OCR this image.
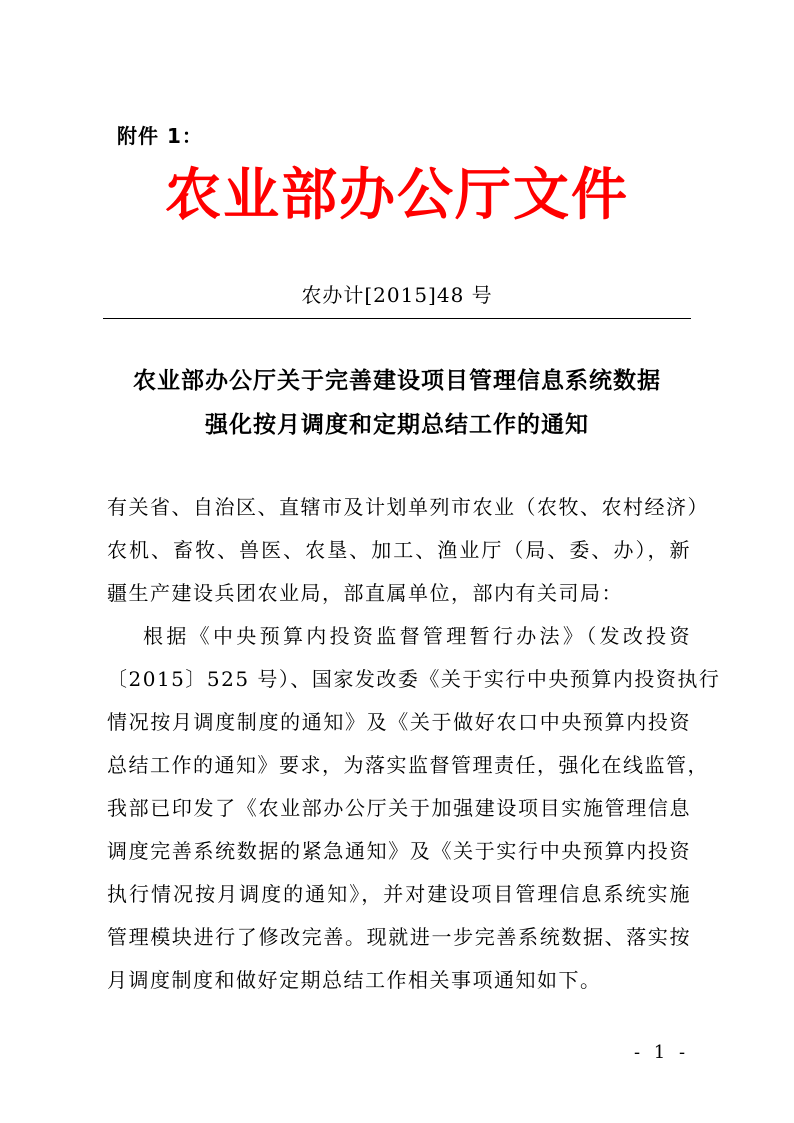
附件 1：
农业部办公厅文件
农办计[2015]48 号
农业部办公厅关于完善建设项目管理信息系统数据
强化按月调度和定期总结工作的通知
有关省、自治区、直辖市及计划单列市农业（农牧、农村经济）
农机、畜牧、兽医、农垦、加工、渔业厅（局、委、办），新
疆生产建设兵团农业局，部直属单位，部内有关司局：
根据《中央预算内投资监督管理暂行办法》（发改投资
〔2015〕525 号）、国家发改委《关于实行中央预算内投资执行
情况按月调度制度的通知》及《关于做好农口中央预算内投资
总结工作的通知》要求，为落实监督管理责任，强化在线监管，
我部已印发了《农业部办公厅关于加强建设项目实施管理信息
调度完善系统数据的紧急通知》及《关于实行中央预算内投资
执行情况按月调度的通知》，并对建设项目管理信息系统实施
管理模块进行了修改完善。现就进一步完善系统数据、落实按
月调度制度和做好定期总结工作相关事项通知如下。
- 1 -
